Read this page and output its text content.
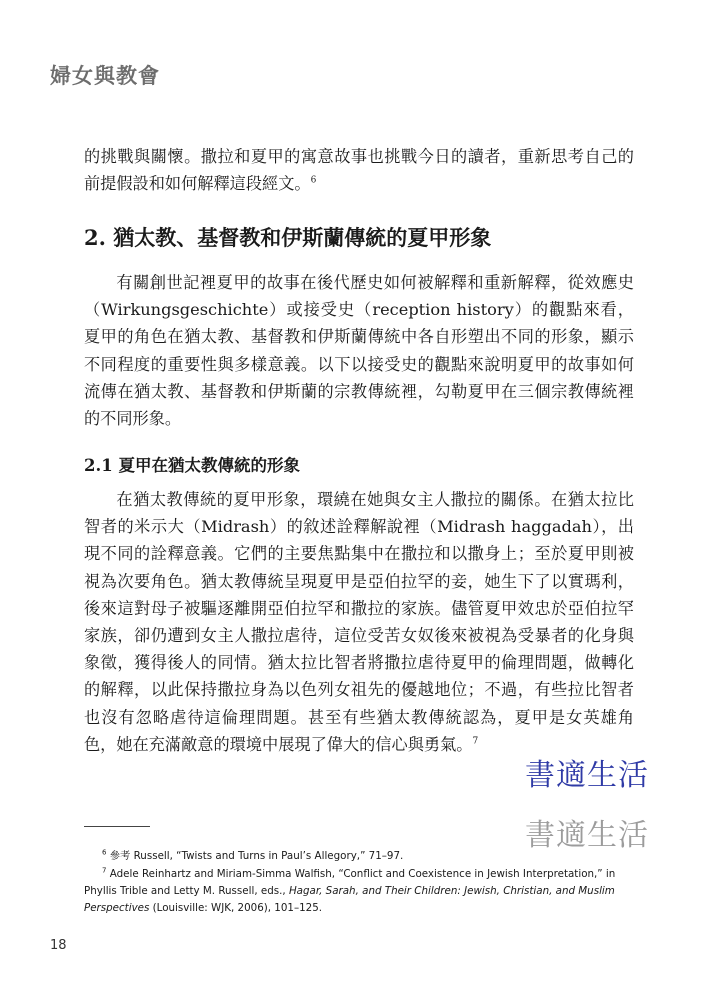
婦女與教會

的挑戰與關懷。撒拉和夏甲的寓意故事也挑戰今日的讀者，重新思考自己的前提假設和如何解釋這段經文。$^6$

2. 猶太教、基督教和伊斯蘭傳統的夏甲形象

有關創世記裡夏甲的故事在後代歷史如何被解釋和重新解釋，從效應史（Wirkungsgeschichte）或接受史（reception history）的觀點來看，夏甲的角色在猶太教、基督教和伊斯蘭傳統中各自形塑出不同的形象，顯示不同程度的重要性與多樣意義。以下以接受史的觀點來說明夏甲的故事如何流傳在猶太教、基督教和伊斯蘭的宗教傳統裡，勾勒夏甲在三個宗教傳統裡的不同形象。

2.1 夏甲在猶太教傳統的形象

在猶太教傳統的夏甲形象，環繞在她與女主人撒拉的關係。在猶太拉比智者的米示大（Midrash）的敘述詮釋解說裡（Midrash haggadah），出現不同的詮釋意義。它們的主要焦點集中在撒拉和以撒身上；至於夏甲則被視為次要角色。猶太教傳統呈現夏甲是亞伯拉罕的妾，她生下了以實瑪利，後來這對母子被驅逐離開亞伯拉罕和撒拉的家族。儘管夏甲效忠於亞伯拉罕家族，卻仍遭到女主人撒拉虐待，這位受苦女奴後來被視為受暴者的化身與象徵，獲得後人的同情。猶太拉比智者將撒拉虐待夏甲的倫理問題，做轉化的解釋，以此保持撒拉身為以色列女祖先的優越地位；不過，有些拉比智者也沒有忽略虐待這倫理問題。甚至有些猶太教傳統認為，夏甲是女英雄角色，她在充滿敵意的環境中展現了偉大的信心與勇氣。$^7$

書適生活
書適生活

$^6$ 參考 Russell, “Twists and Turns in Paul’s Allegory,” 71–97.

$^7$ Adele Reinhartz and Miriam-Simma Walfish, “Conflict and Coexistence in Jewish Interpretation,” in Phyllis Trible and Letty M. Russell, eds., Hagar, Sarah, and Their Children: Jewish, Christian, and Muslim Perspectives (Louisville: WJK, 2006), 101–125.

18
